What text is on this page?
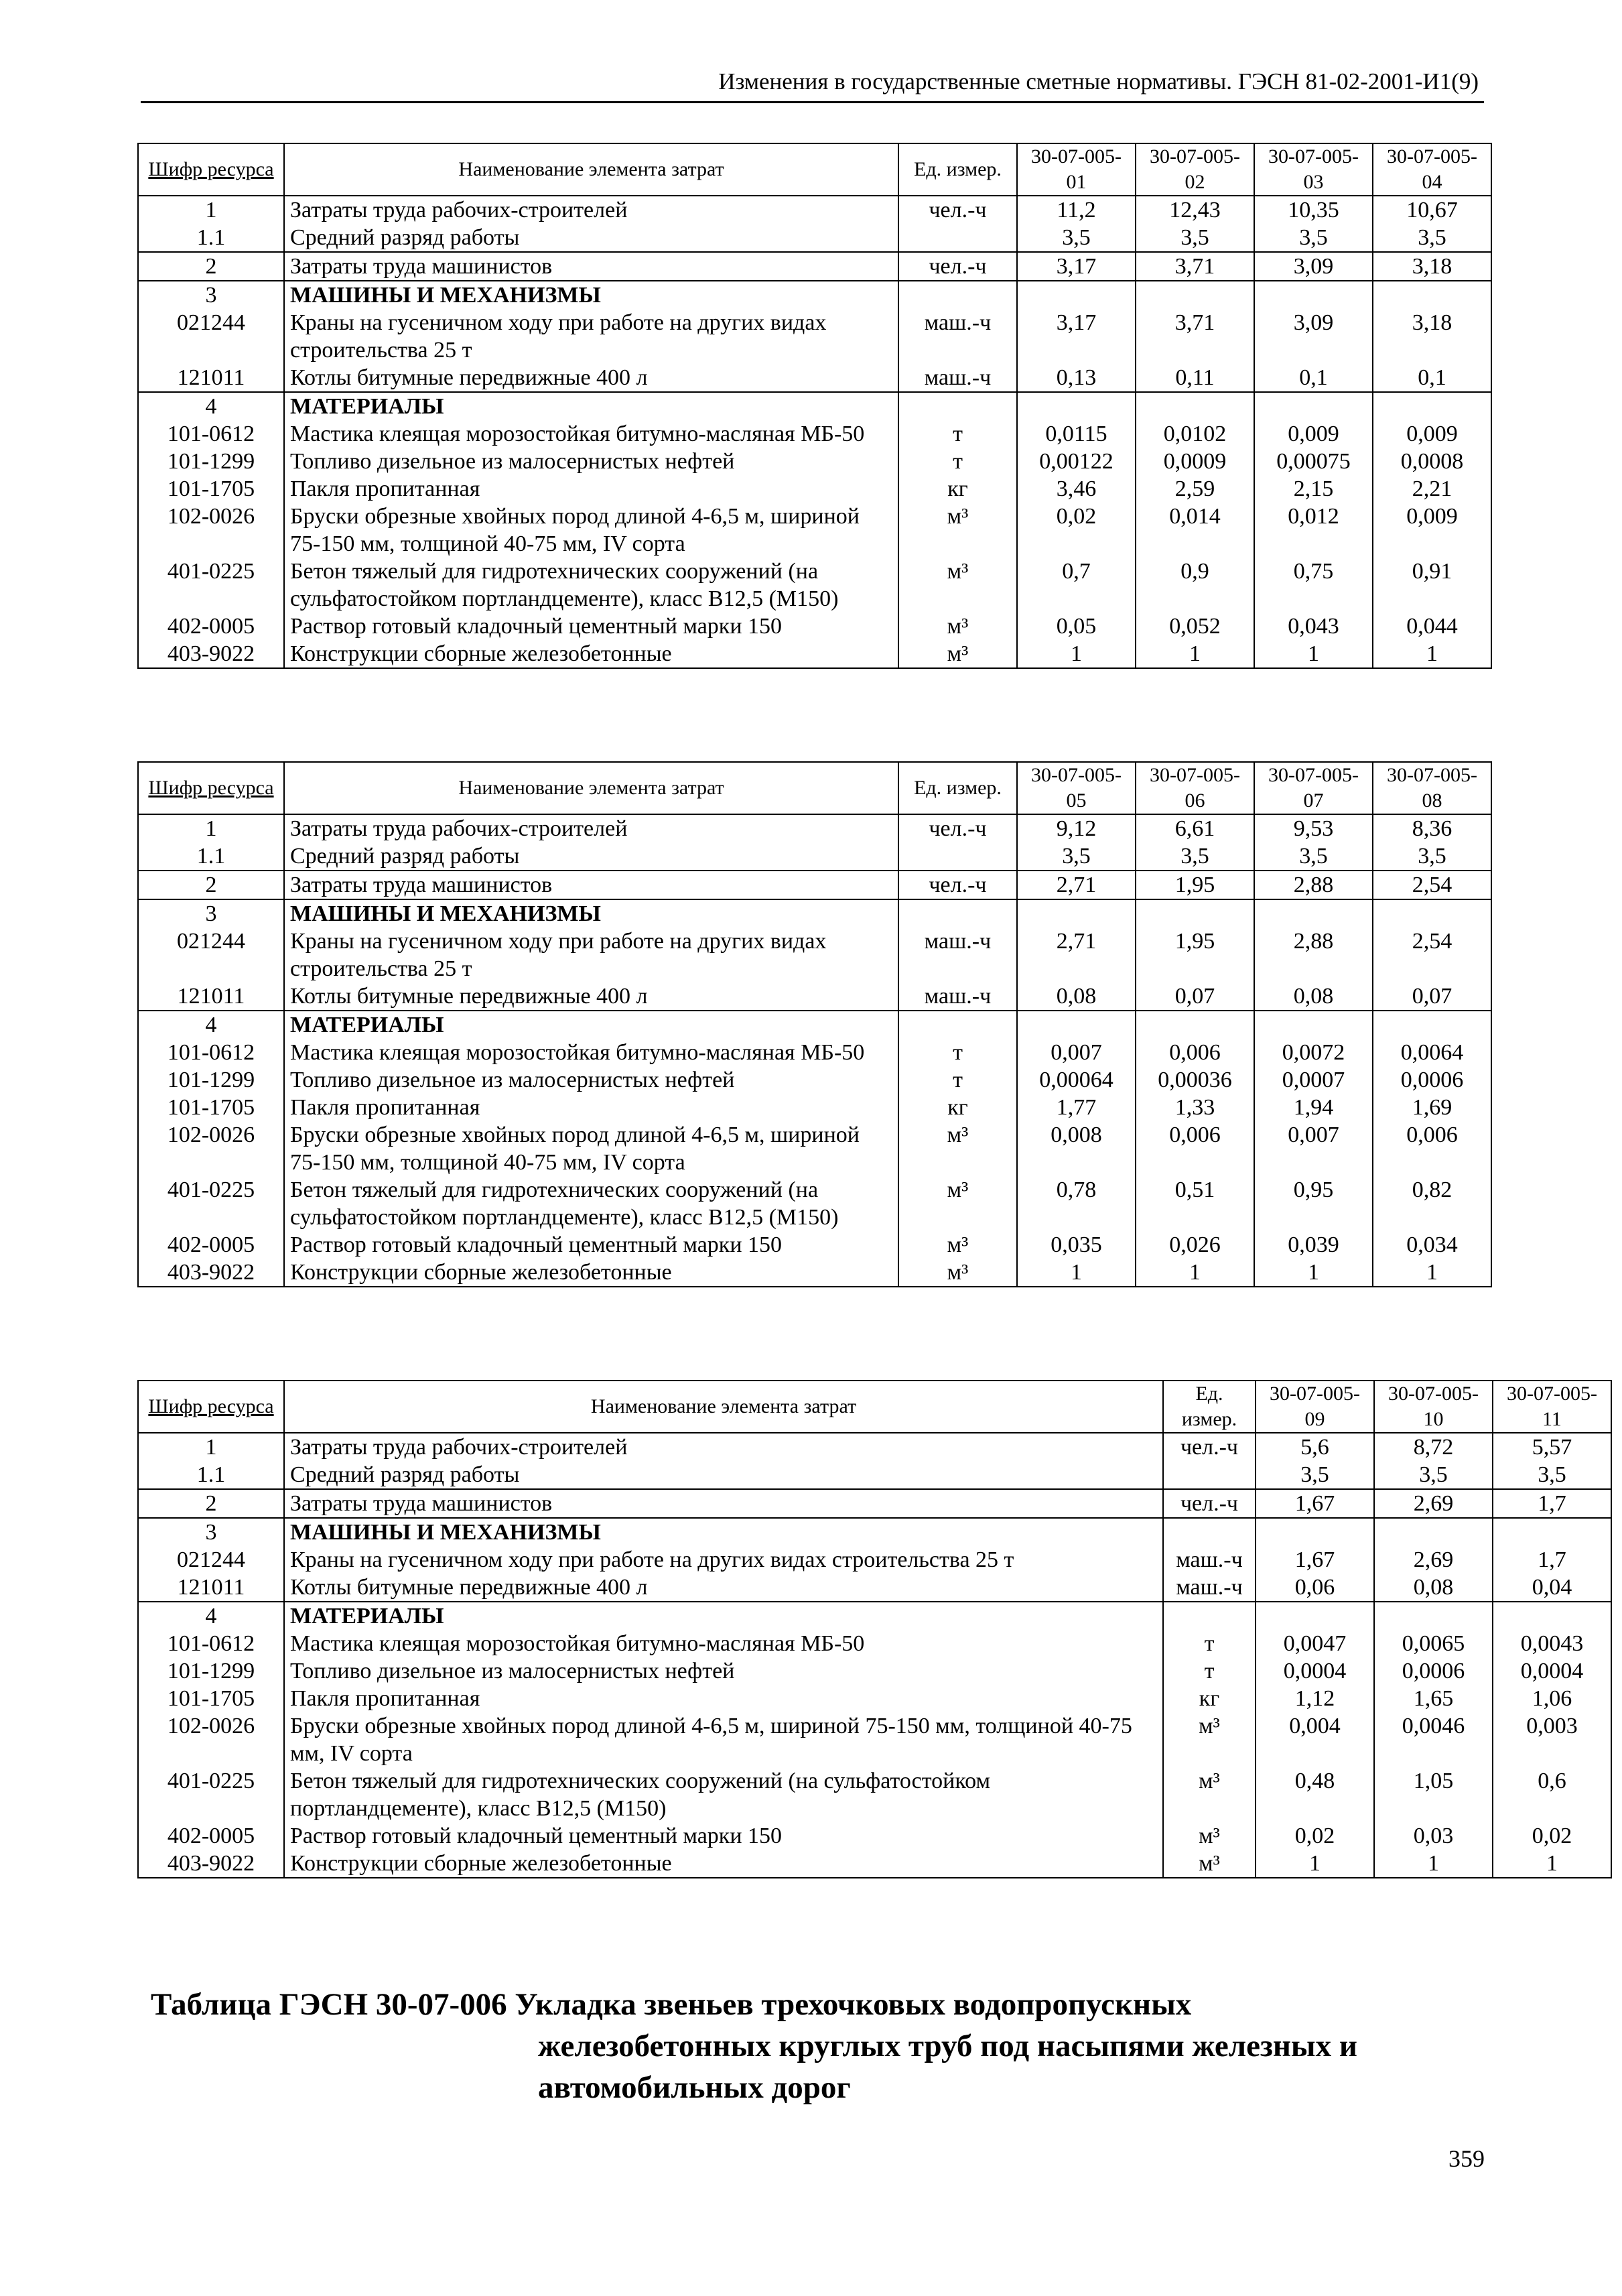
Изменения в государственные сметные нормативы. ГЭСН 81-02-2001-И1(9)
Шифр ресурса	Наименование элемента затрат	Ед. измер.	30-07-005-01	30-07-005-02	30-07-005-03	30-07-005-04
1	Затраты труда рабочих-строителей	чел.-ч	11,2	12,43	10,35	10,67
1.1	Средний разряд работы		3,5	3,5	3,5	3,5
2	Затраты труда машинистов	чел.-ч	3,17	3,71	3,09	3,18
3	МАШИНЫ И МЕХАНИЗМЫ					
021244	Краны на гусеничном ходу при работе на других видах строительства 25 т	маш.-ч	3,17	3,71	3,09	3,18
121011	Котлы битумные передвижные 400 л	маш.-ч	0,13	0,11	0,1	0,1
4	МАТЕРИАЛЫ					
101-0612	Мастика клеящая морозостойкая битумно-масляная МБ-50	т	0,0115	0,0102	0,009	0,009
101-1299	Топливо дизельное из малосернистых нефтей	т	0,00122	0,0009	0,00075	0,0008
101-1705	Пакля пропитанная	кг	3,46	2,59	2,15	2,21
102-0026	Бруски обрезные хвойных пород длиной 4-6,5 м, шириной 75-150 мм, толщиной 40-75 мм, IV сорта	м³	0,02	0,014	0,012	0,009
401-0225	Бетон тяжелый для гидротехнических сооружений (на сульфатостойком портландцементе), класс В12,5 (М150)	м³	0,7	0,9	0,75	0,91
402-0005	Раствор готовый кладочный цементный марки 150	м³	0,05	0,052	0,043	0,044
403-9022	Конструкции сборные железобетонные	м³	1	1	1	1
Шифр ресурса	Наименование элемента затрат	Ед. измер.	30-07-005-05	30-07-005-06	30-07-005-07	30-07-005-08
1	Затраты труда рабочих-строителей	чел.-ч	9,12	6,61	9,53	8,36
1.1	Средний разряд работы		3,5	3,5	3,5	3,5
2	Затраты труда машинистов	чел.-ч	2,71	1,95	2,88	2,54
3	МАШИНЫ И МЕХАНИЗМЫ					
021244	Краны на гусеничном ходу при работе на других видах строительства 25 т	маш.-ч	2,71	1,95	2,88	2,54
121011	Котлы битумные передвижные 400 л	маш.-ч	0,08	0,07	0,08	0,07
4	МАТЕРИАЛЫ					
101-0612	Мастика клеящая морозостойкая битумно-масляная МБ-50	т	0,007	0,006	0,0072	0,0064
101-1299	Топливо дизельное из малосернистых нефтей	т	0,00064	0,00036	0,0007	0,0006
101-1705	Пакля пропитанная	кг	1,77	1,33	1,94	1,69
102-0026	Бруски обрезные хвойных пород длиной 4-6,5 м, шириной 75-150 мм, толщиной 40-75 мм, IV сорта	м³	0,008	0,006	0,007	0,006
401-0225	Бетон тяжелый для гидротехнических сооружений (на сульфатостойком портландцементе), класс В12,5 (М150)	м³	0,78	0,51	0,95	0,82
402-0005	Раствор готовый кладочный цементный марки 150	м³	0,035	0,026	0,039	0,034
403-9022	Конструкции сборные железобетонные	м³	1	1	1	1
Шифр ресурса	Наименование элемента затрат	Ед. измер.	30-07-005-09	30-07-005-10	30-07-005-11
1	Затраты труда рабочих-строителей	чел.-ч	5,6	8,72	5,57
1.1	Средний разряд работы		3,5	3,5	3,5
2	Затраты труда машинистов	чел.-ч	1,67	2,69	1,7
3	МАШИНЫ И МЕХАНИЗМЫ				
021244	Краны на гусеничном ходу при работе на других видах строительства 25 т	маш.-ч	1,67	2,69	1,7
121011	Котлы битумные передвижные 400 л	маш.-ч	0,06	0,08	0,04
4	МАТЕРИАЛЫ				
101-0612	Мастика клеящая морозостойкая битумно-масляная МБ-50	т	0,0047	0,0065	0,0043
101-1299	Топливо дизельное из малосернистых нефтей	т	0,0004	0,0006	0,0004
101-1705	Пакля пропитанная	кг	1,12	1,65	1,06
102-0026	Бруски обрезные хвойных пород длиной 4-6,5 м, шириной 75-150 мм, толщиной 40-75 мм, IV сорта	м³	0,004	0,0046	0,003
401-0225	Бетон тяжелый для гидротехнических сооружений (на сульфатостойком портландцементе), класс В12,5 (М150)	м³	0,48	1,05	0,6
402-0005	Раствор готовый кладочный цементный марки 150	м³	0,02	0,03	0,02
403-9022	Конструкции сборные железобетонные	м³	1	1	1
Таблица ГЭСН 30-07-006 Укладка звеньев трехочковых водопропускных
железобетонных круглых труб под насыпями железных и
автомобильных дорог
359
